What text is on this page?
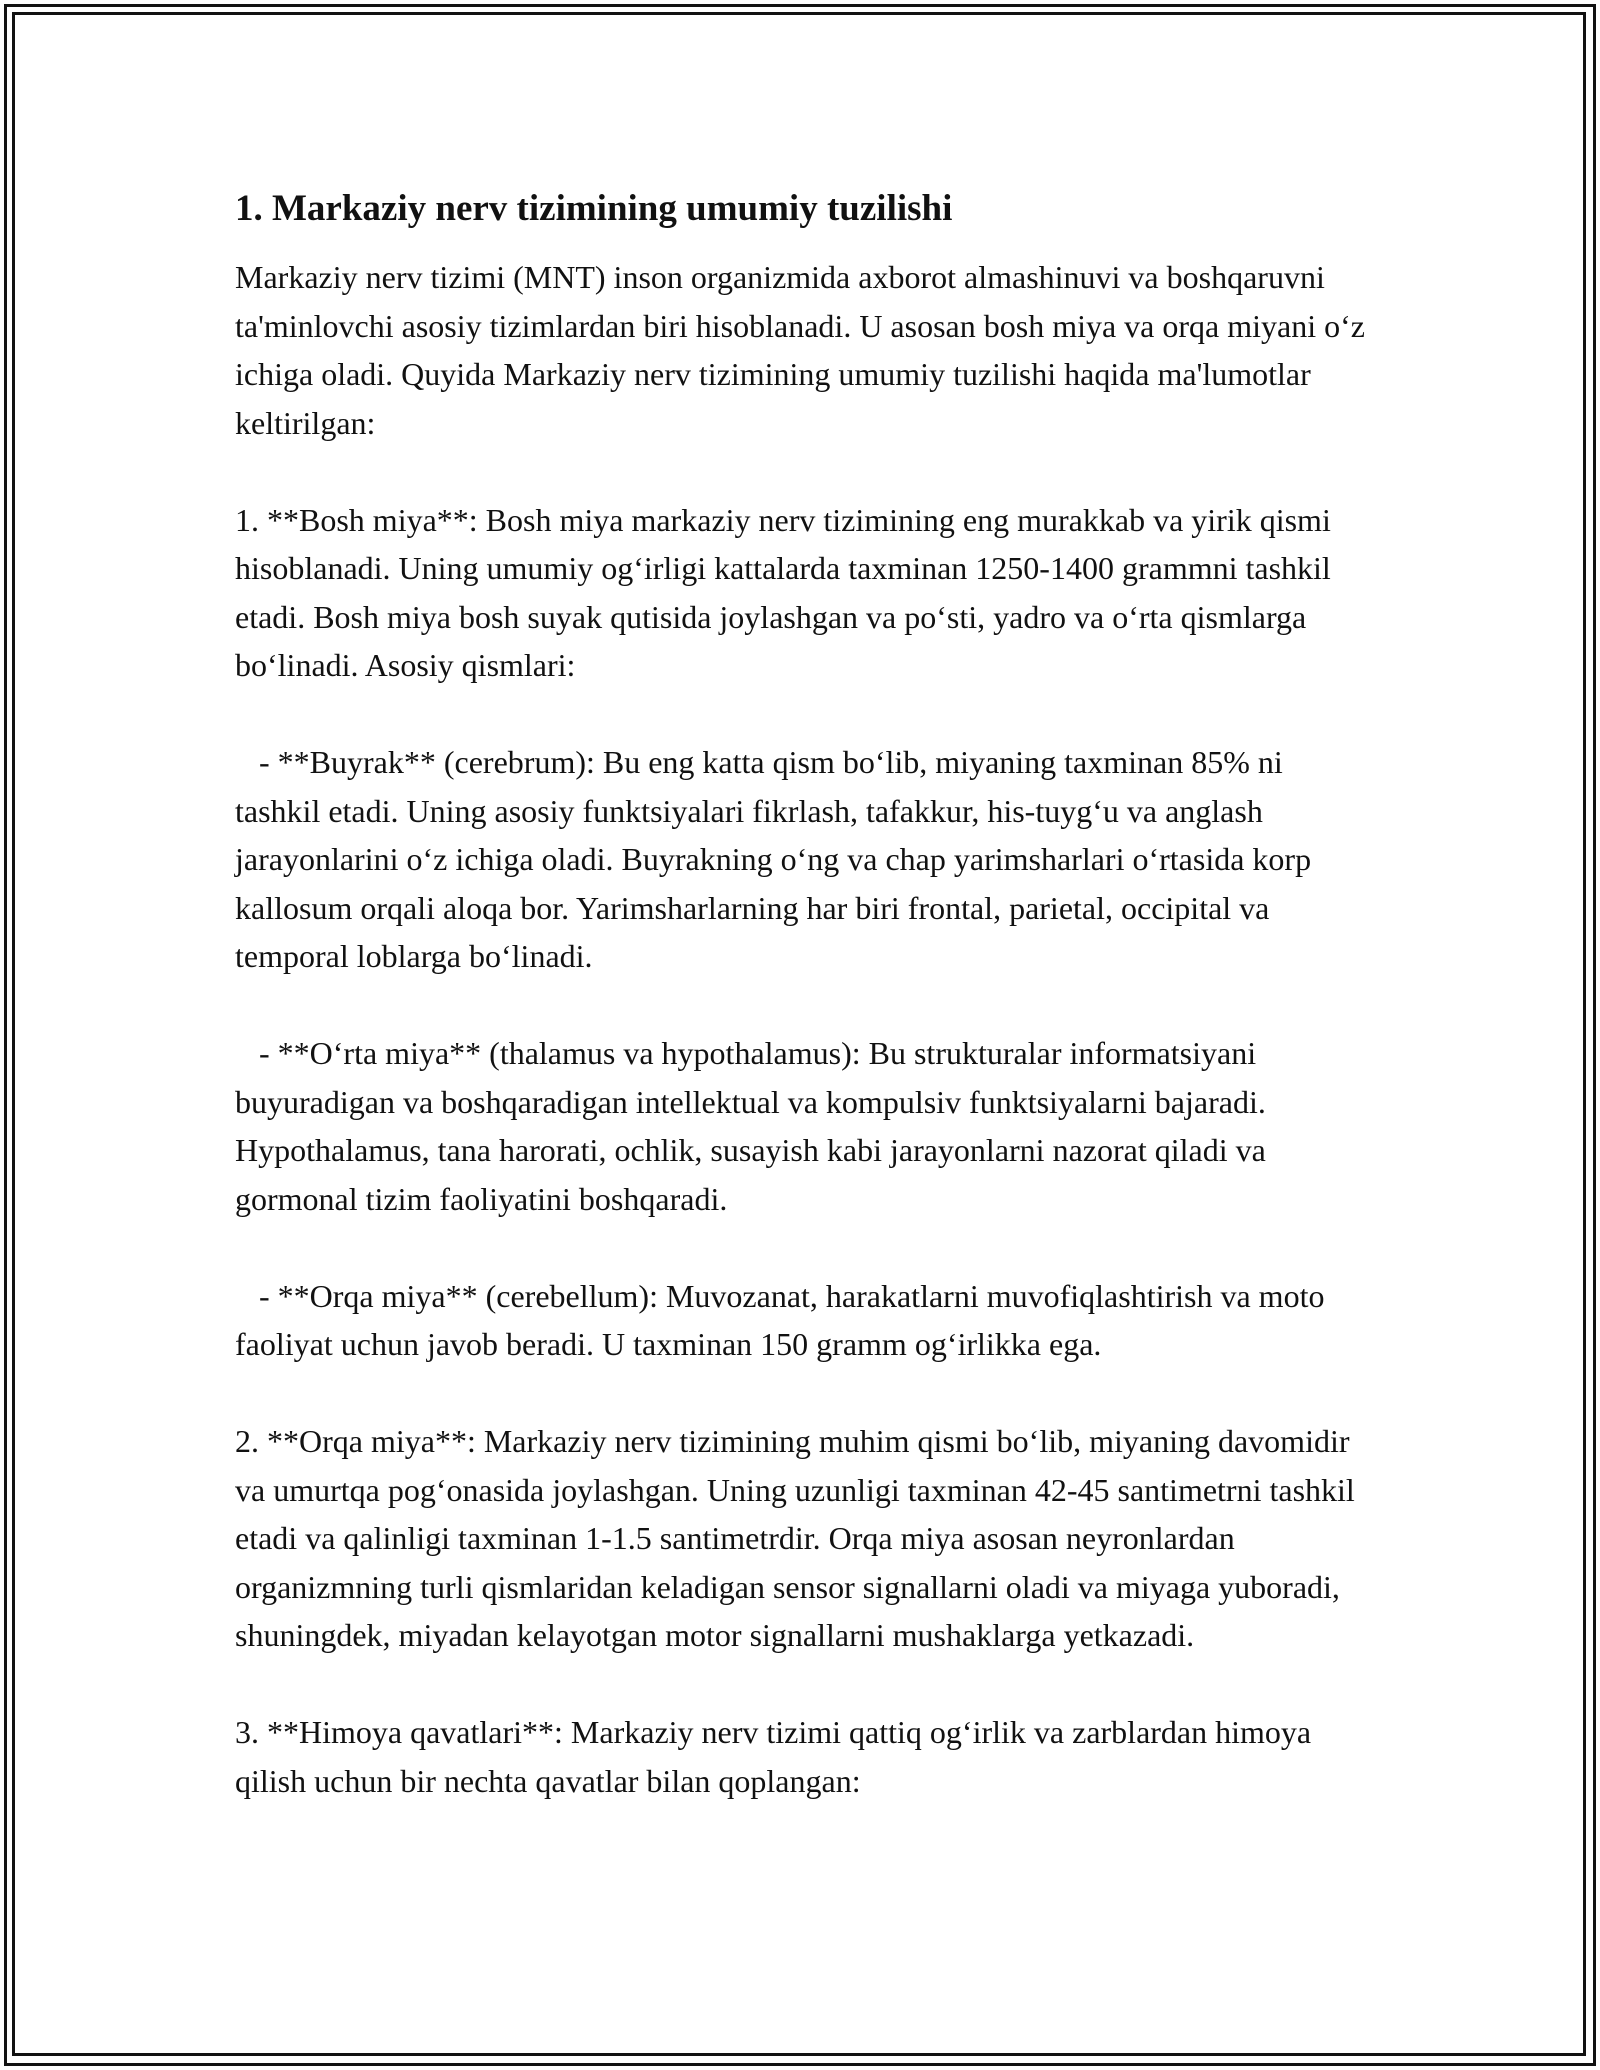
1. Markaziy nerv tizimining umumiy tuzilishi

Markaziy nerv tizimi (MNT) inson organizmida axborot almashinuvi va boshqaruvni ta'minlovchi asosiy tizimlardan biri hisoblanadi. U asosan bosh miya va orqa miyani o‘z ichiga oladi. Quyida Markaziy nerv tizimining umumiy tuzilishi haqida ma'lumotlar keltirilgan:

1. **Bosh miya**: Bosh miya markaziy nerv tizimining eng murakkab va yirik qismi hisoblanadi. Uning umumiy og‘irligi kattalarda taxminan 1250-1400 grammni tashkil etadi. Bosh miya bosh suyak qutisida joylashgan va po‘sti, yadro va o‘rta qismlarga bo‘linadi. Asosiy qismlari:

- **Buyrak** (cerebrum): Bu eng katta qism bo‘lib, miyaning taxminan 85% ni tashkil etadi. Uning asosiy funktsiyalari fikrlash, tafakkur, his-tuyg‘u va anglash jarayonlarini o‘z ichiga oladi. Buyrakning o‘ng va chap yarimsharlari o‘rtasida korp kallosum orqali aloqa bor. Yarimsharlarning har biri frontal, parietal, occipital va temporal loblarga bo‘linadi.

- **O‘rta miya** (thalamus va hypothalamus): Bu strukturalar informatsiyani buyuradigan va boshqaradigan intellektual va kompulsiv funktsiyalarni bajaradi. Hypothalamus, tana harorati, ochlik, susayish kabi jarayonlarni nazorat qiladi va gormonal tizim faoliyatini boshqaradi.

- **Orqa miya** (cerebellum): Muvozanat, harakatlarni muvofiqlashtirish va moto faoliyat uchun javob beradi. U taxminan 150 gramm og‘irlikka ega.

2. **Orqa miya**: Markaziy nerv tizimining muhim qismi bo‘lib, miyaning davomidir va umurtqa pog‘onasida joylashgan. Uning uzunligi taxminan 42-45 santimetrni tashkil etadi va qalinligi taxminan 1-1.5 santimetrdir. Orqa miya asosan neyronlardan organizmning turli qismlaridan keladigan sensor signallarni oladi va miyaga yuboradi, shuningdek, miyadan kelayotgan motor signallarni mushaklarga yetkazadi.

3. **Himoya qavatlari**: Markaziy nerv tizimi qattiq og‘irlik va zarblardan himoya qilish uchun bir nechta qavatlar bilan qoplangan:
